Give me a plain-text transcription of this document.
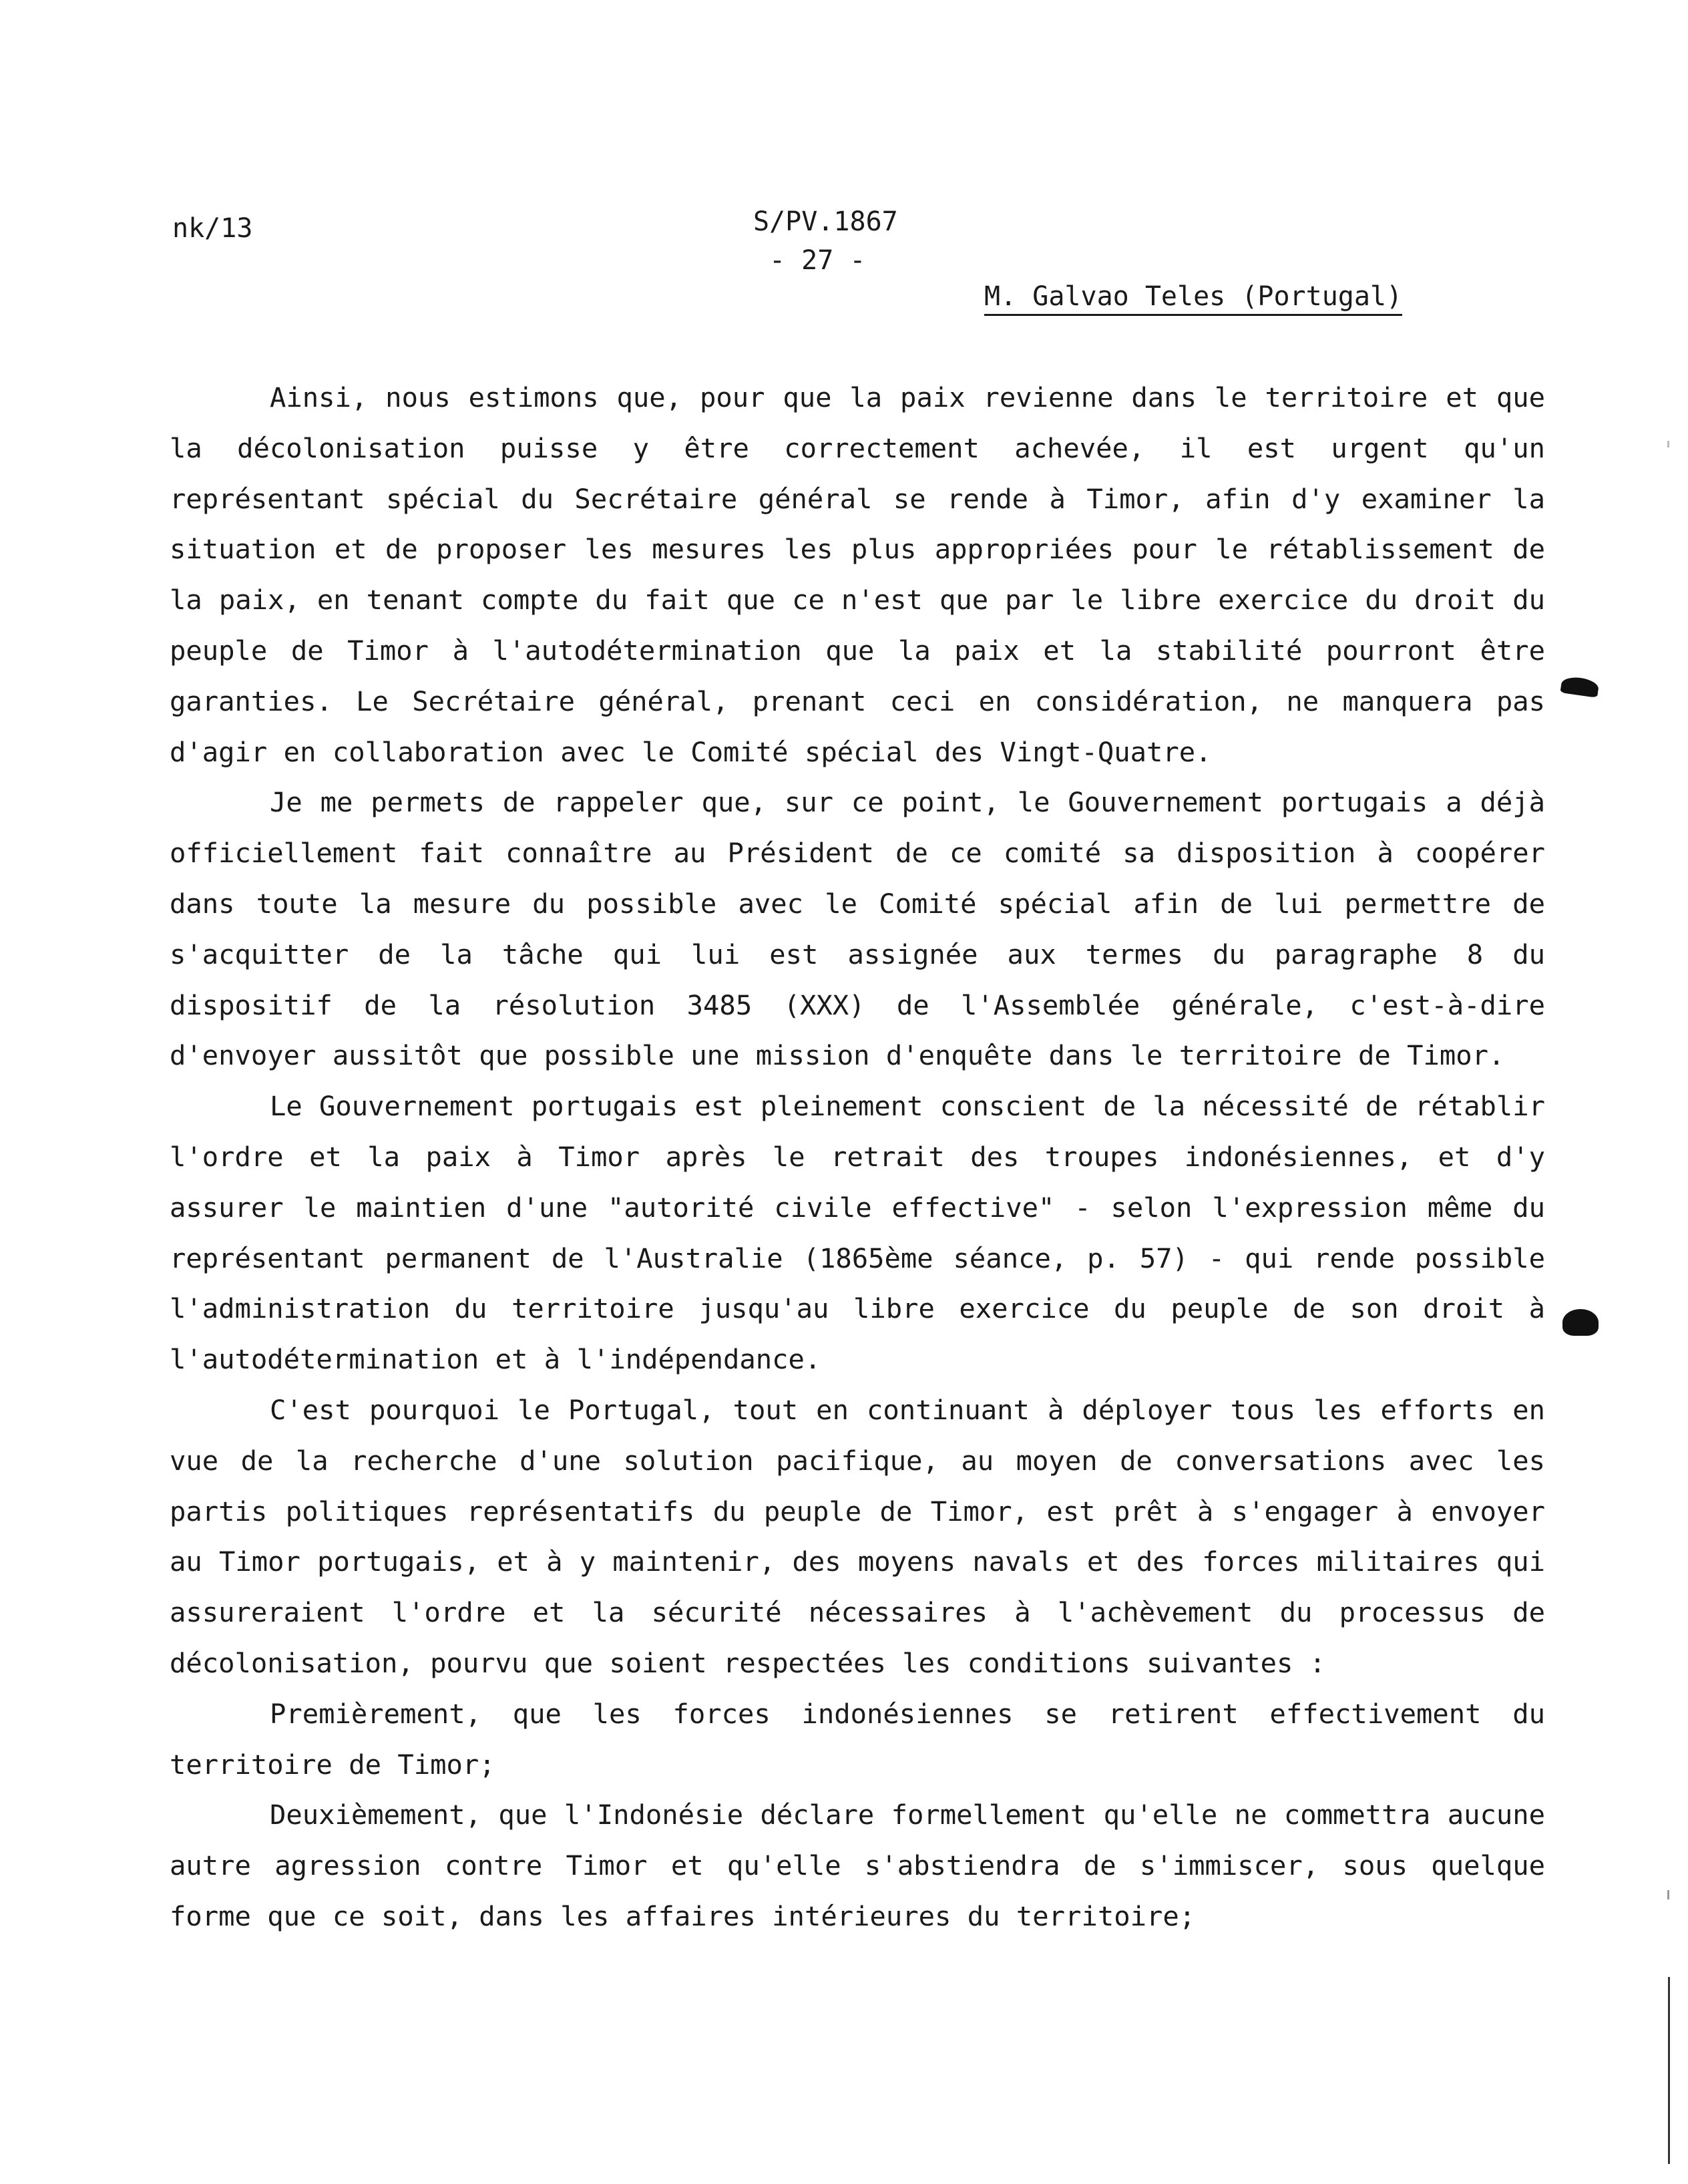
nk/13	S/PV.1867
- 27 -
M. Galvao Teles (Portugal)

Ainsi, nous estimons que, pour que la paix revienne dans le territoire et que la décolonisation puisse y être correctement achevée, il est urgent qu'un représentant spécial du Secrétaire général se rende à Timor, afin d'y examiner la situation et de proposer les mesures les plus appropriées pour le rétablissement de la paix, en tenant compte du fait que ce n'est que par le libre exercice du droit du peuple de Timor à l'autodétermination que la paix et la stabilité pourront être garanties. Le Secrétaire général, prenant ceci en considération, ne manquera pas d'agir en collaboration avec le Comité spécial des Vingt-Quatre.

Je me permets de rappeler que, sur ce point, le Gouvernement portugais a déjà officiellement fait connaître au Président de ce comité sa disposition à coopérer dans toute la mesure du possible avec le Comité spécial afin de lui permettre de s'acquitter de la tâche qui lui est assignée aux termes du paragraphe 8 du dispositif de la résolution 3485 (XXX) de l'Assemblée générale, c'est-à-dire d'envoyer aussitôt que possible une mission d'enquête dans le territoire de Timor.

Le Gouvernement portugais est pleinement conscient de la nécessité de rétablir l'ordre et la paix à Timor après le retrait des troupes indonésiennes, et d'y assurer le maintien d'une "autorité civile effective" - selon l'expression même du représentant permanent de l'Australie (1865ème séance, p. 57) - qui rende possible l'administration du territoire jusqu'au libre exercice du peuple de son droit à l'autodétermination et à l'indépendance.

C'est pourquoi le Portugal, tout en continuant à déployer tous les efforts en vue de la recherche d'une solution pacifique, au moyen de conversations avec les partis politiques représentatifs du peuple de Timor, est prêt à s'engager à envoyer au Timor portugais, et à y maintenir, des moyens navals et des forces militaires qui assureraient l'ordre et la sécurité nécessaires à l'achèvement du processus de décolonisation, pourvu que soient respectées les conditions suivantes :

Premièrement, que les forces indonésiennes se retirent effectivement du territoire de Timor;

Deuxièmement, que l'Indonésie déclare formellement qu'elle ne commettra aucune autre agression contre Timor et qu'elle s'abstiendra de s'immiscer, sous quelque forme que ce soit, dans les affaires intérieures du territoire;
